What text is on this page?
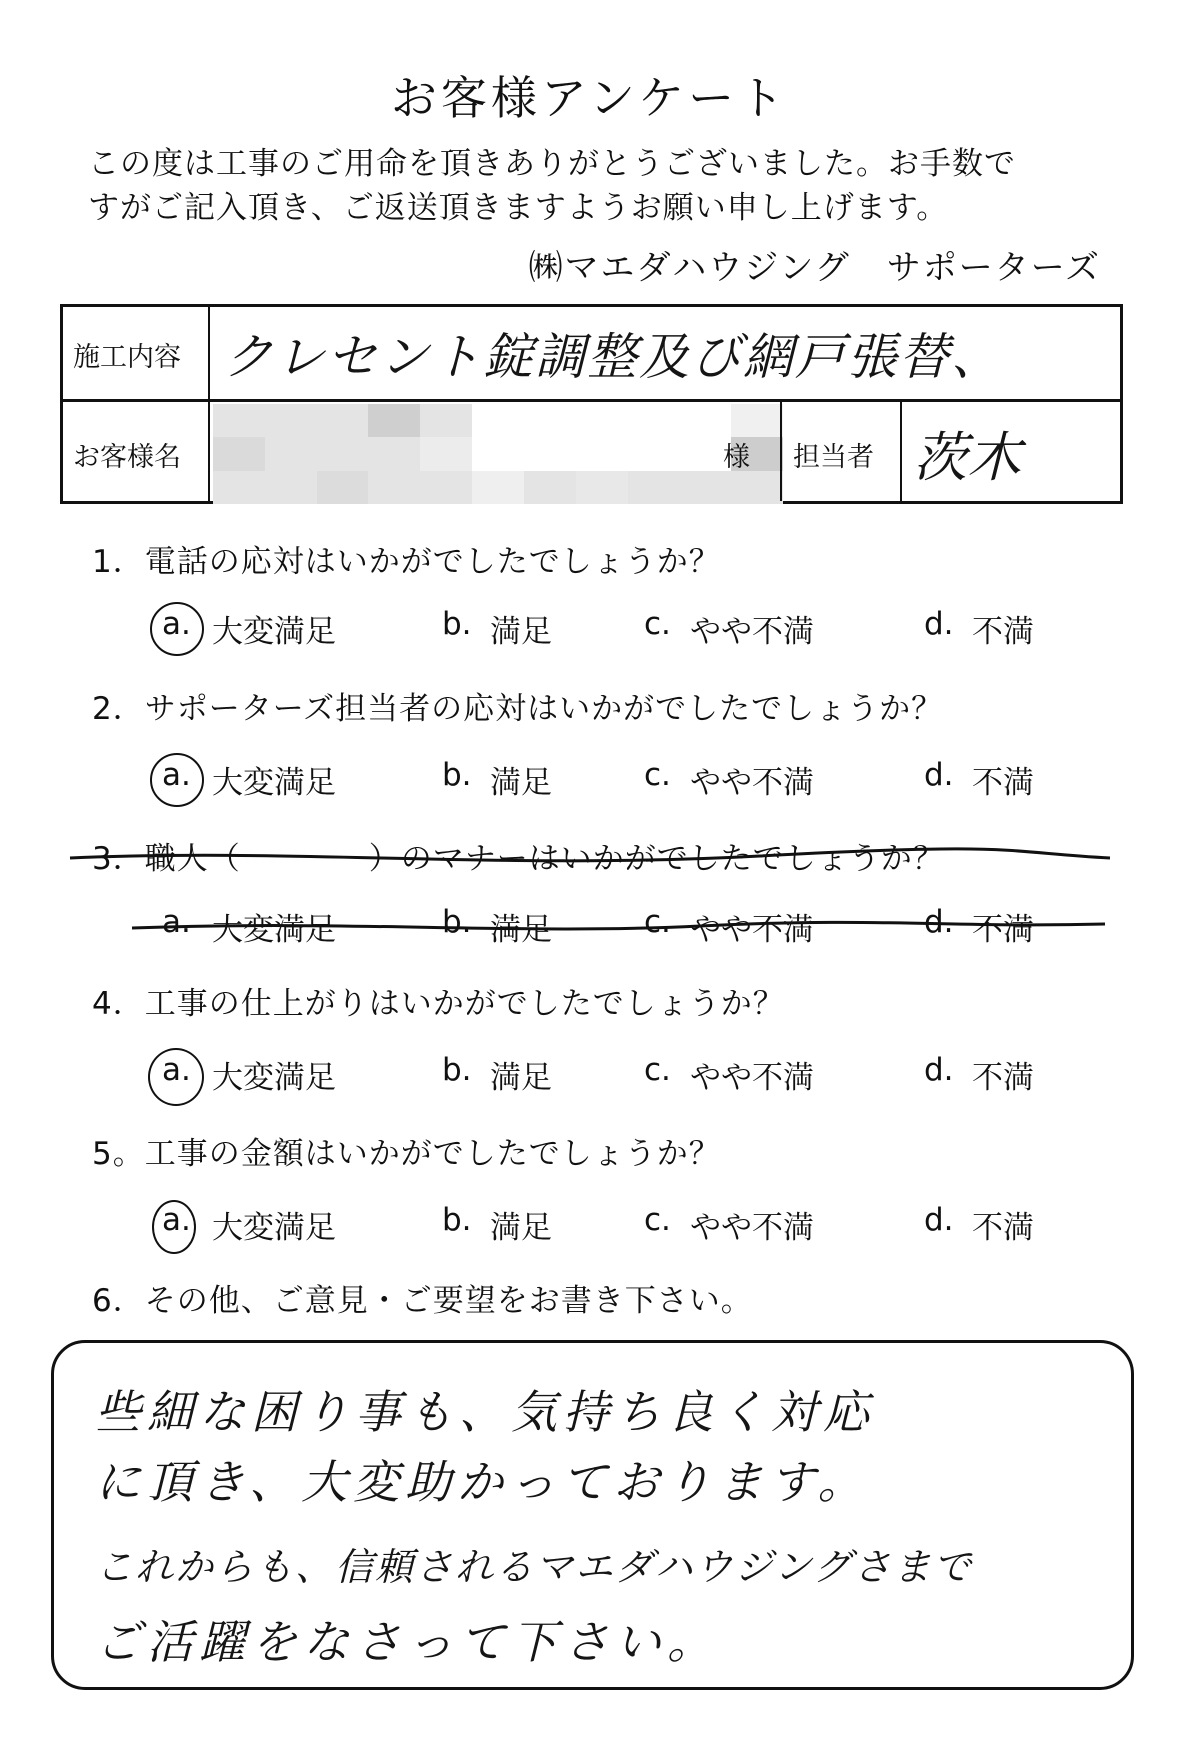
お客様アンケート
この度は工事のご用命を頂きありがとうございました。お手数で
すがご記入頂き、ご返送頂きますようお願い申し上げます。
㈱マエダハウジング　サポーターズ
施工内容 クレセント錠調整及び網戸張替、
お客様名	様 担当者 茨木
1．電話の応対はいかがでしたでしょうか？
a. 大変満足	b. 満足	c. やや不満	d. 不満
2．サポーターズ担当者の応対はいかがでしたでしょうか？
a. 大変満足	b. 満足	c. やや不満	d. 不満
3．職人（　　　　）のマナーはいかがでしたでしょうか？
a. 大変満足	b. 満足	c. やや不満	d. 不満
4．工事の仕上がりはいかがでしたでしょうか？
a. 大変満足	b. 満足	c. やや不満	d. 不満
5。工事の金額はいかがでしたでしょうか？
a. 大変満足	b. 満足	c. やや不満	d. 不満
6．その他、ご意見・ご要望をお書き下さい。
些細な困り事も、気持ち良く対応
に頂き、大変助かっております。
これからも、信頼されるマエダハウジングさまで
ご活躍をなさって下さい。
